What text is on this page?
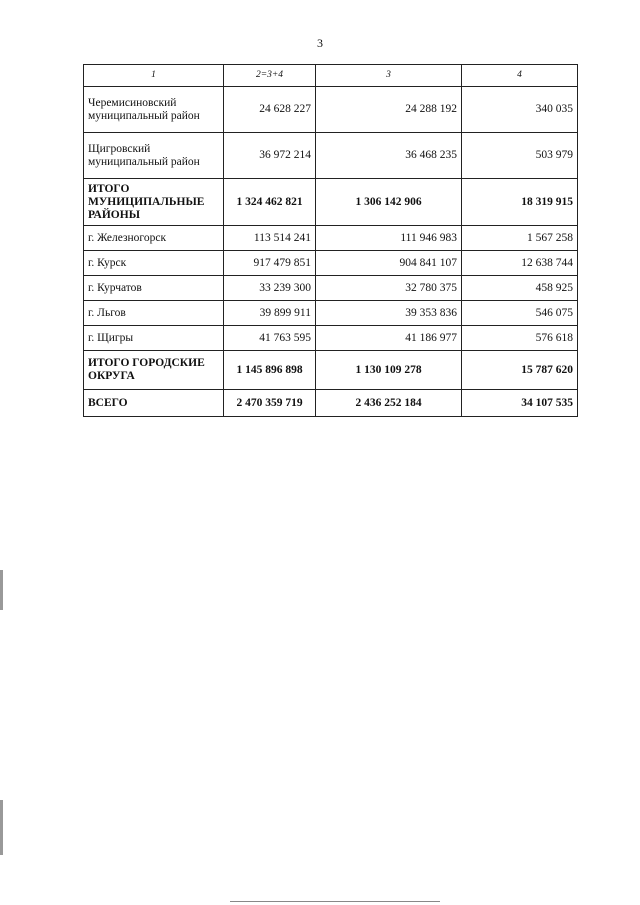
3
1	2=3+4	3	4
Черемисиновский муниципальный район	24 628 227	24 288 192	340 035
Щигровский муниципальный район	36 972 214	36 468 235	503 979
ИТОГО МУНИЦИПАЛЬНЫЕ РАЙОНЫ	1 324 462 821	1 306 142 906	18 319 915
г. Железногорск	113 514 241	111 946 983	1 567 258
г. Курск	917 479 851	904 841 107	12 638 744
г. Курчатов	33 239 300	32 780 375	458 925
г. Льгов	39 899 911	39 353 836	546 075
г. Щигры	41 763 595	41 186 977	576 618
ИТОГО ГОРОДСКИЕ ОКРУГА	1 145 896 898	1 130 109 278	15 787 620
ВСЕГО	2 470 359 719	2 436 252 184	34 107 535
